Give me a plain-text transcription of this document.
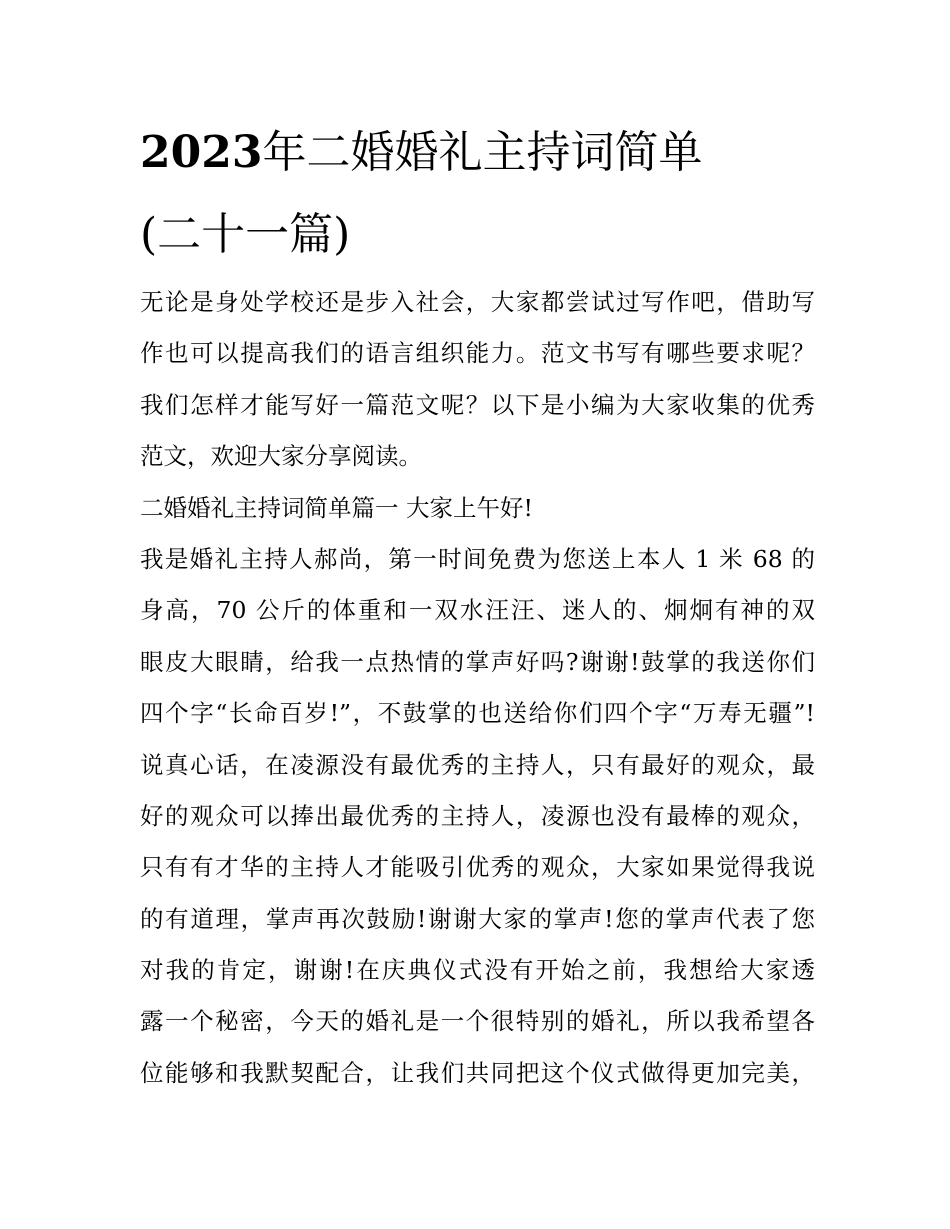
2023年二婚婚礼主持词简单
(二十一篇)
无论是身处学校还是步入社会，大家都尝试过写作吧，借助写
作也可以提高我们的语言组织能力。范文书写有哪些要求呢？
我们怎样才能写好一篇范文呢？以下是小编为大家收集的优秀
范文，欢迎大家分享阅读。
二婚婚礼主持词简单篇一 大家上午好!
我是婚礼主持人郝尚，第一时间免费为您送上本人 1 米 68 的
身高，70 公斤的体重和一双水汪汪、迷人的、炯炯有神的双
眼皮大眼睛，给我一点热情的掌声好吗?谢谢!鼓掌的我送你们
四个字“长命百岁!”，不鼓掌的也送给你们四个字“万寿无疆”!
说真心话，在凌源没有最优秀的主持人，只有最好的观众，最
好的观众可以捧出最优秀的主持人，凌源也没有最棒的观众，
只有有才华的主持人才能吸引优秀的观众，大家如果觉得我说
的有道理，掌声再次鼓励!谢谢大家的掌声!您的掌声代表了您
对我的肯定，谢谢!在庆典仪式没有开始之前，我想给大家透
露一个秘密，今天的婚礼是一个很特别的婚礼，所以我希望各
位能够和我默契配合，让我们共同把这个仪式做得更加完美，
